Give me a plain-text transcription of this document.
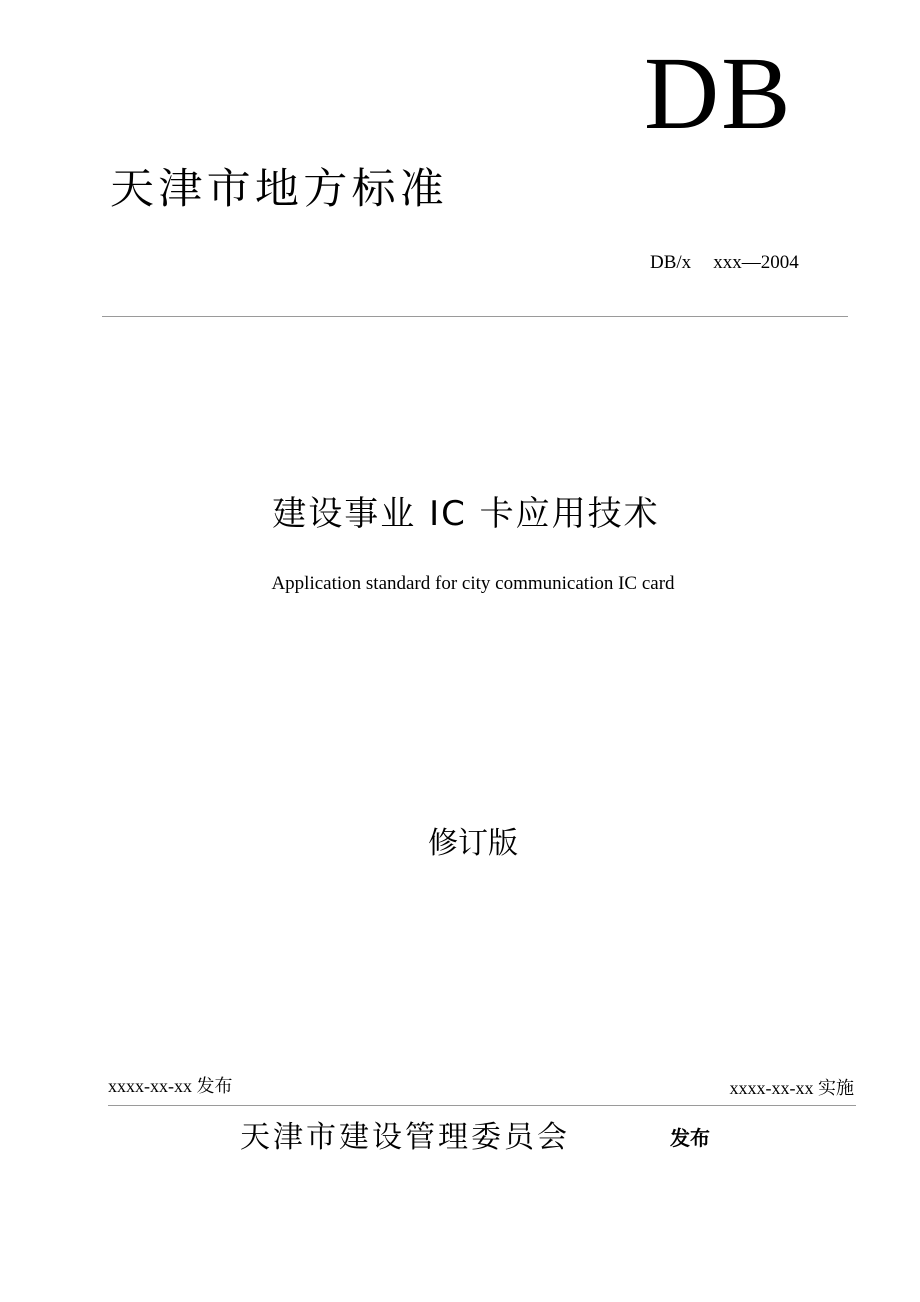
DB
天津市地方标准
DB/x xxx—2004
建设事业 IC 卡应用技术
Application standard for city communication IC card
修订版
xxxx-xx-xx 发布	xxxx-xx-xx 实施
天津市建设管理委员会	发布
